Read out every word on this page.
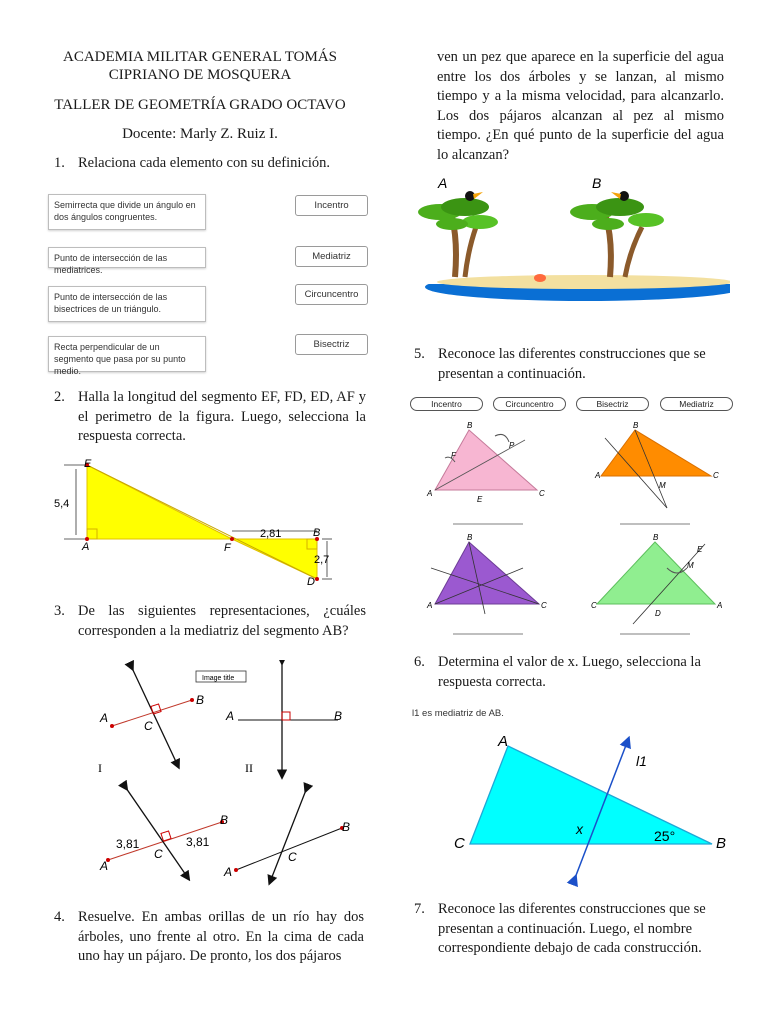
ACADEMIA MILITAR GENERAL TOMÁS
CIPRIANO DE MOSQUERA
TALLER DE GEOMETRÍA GRADO OCTAVO
Docente: Marly Z. Ruiz I.
1. Relaciona cada elemento con su definición.
Semirrecta que divide un ángulo en dos ángulos congruentes.
Punto de intersección de las mediatrices.
Punto de intersección de las bisectrices de un triángulo.
Recta perpendicular de un segmento que pasa por su punto medio.
Incentro
Mediatriz
Circuncentro
Bisectriz
2. Halla la longitud del segmento EF, FD, ED, AF y el perimetro de la figura. Luego, selecciona la respuesta correcta.
E
A	F
B
D
5,4
2,81
2,7
3. De las siguientes representaciones, ¿cuáles corresponden a la mediatriz del segmento AB?
A
B
C
I
Image title
A	B
II
A
B
C
3,81	3,81
A
B
C
4. Resuelve. En ambas orillas de un río hay dos árboles, uno frente al otro. En la cima de cada uno hay un pájaro. De pronto, los dos pájaros
ven un pez que aparece en la superficie del agua entre los dos árboles y se lanzan, al mismo tiempo y a la misma velocidad, para alcanzarlo. Los dos pájaros alcanzan al pez al mismo tiempo. ¿En qué punto de la superficie del agua lo alcanzan?
A	B
5. Reconoce las diferentes construcciones que se presentan a continuación.
Incentro	Circuncentro	Bisectriz	Mediatriz
B
A	C
F
P
E
B
A	C
M
B
A	C
B
C	A
E
M
D
6. Determina el valor de x. Luego, selecciona la respuesta correcta.
l1 es mediatriz de AB.
A
C	B
x	25°
l1
7. Reconoce las diferentes construcciones que se presentan a continuación. Luego, el nombre correspondiente debajo de cada construcción.
